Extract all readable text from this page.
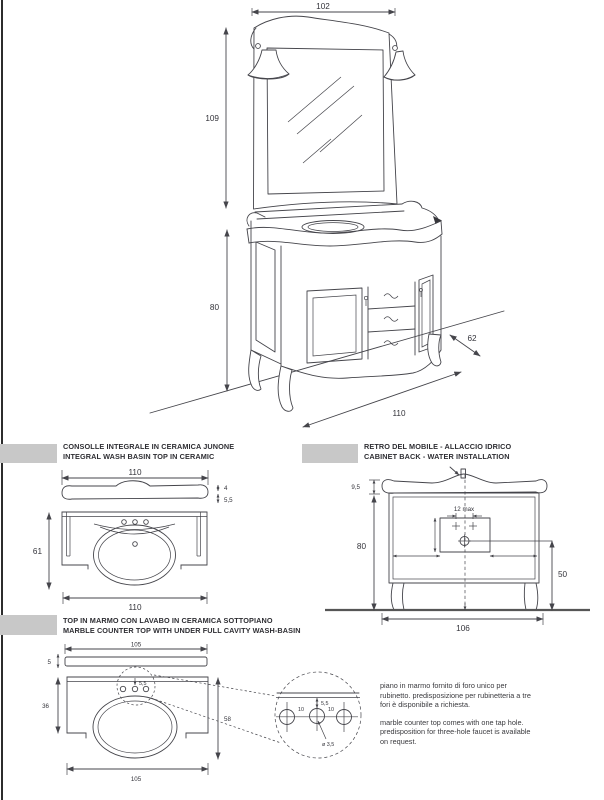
102
109
80
62
110
CONSOLLE INTEGRALE IN CERAMICA JUNONE
INTEGRAL WASH BASIN TOP IN CERAMIC
RETRO DEL MOBILE - ALLACCIO IDRICO
CABINET BACK - WATER INSTALLATION
TOP IN MARMO CON LAVABO IN CERAMICA SOTTOPIANO
MARBLE COUNTER TOP WITH UNDER FULL CAVITY WASH-BASIN
110
4
5,5
61
110
9,5
12 max
50
80
106
105
5
5,5
36
58
105
5,5
10	10
ø 3,5

piano in marmo fornito di foro unico per rubinetto. predisposizione per rubinetteria a tre fori è disponibile a richiesta.

marble counter top comes with one tap hole. predisposition for three-hole faucet is available on request.
